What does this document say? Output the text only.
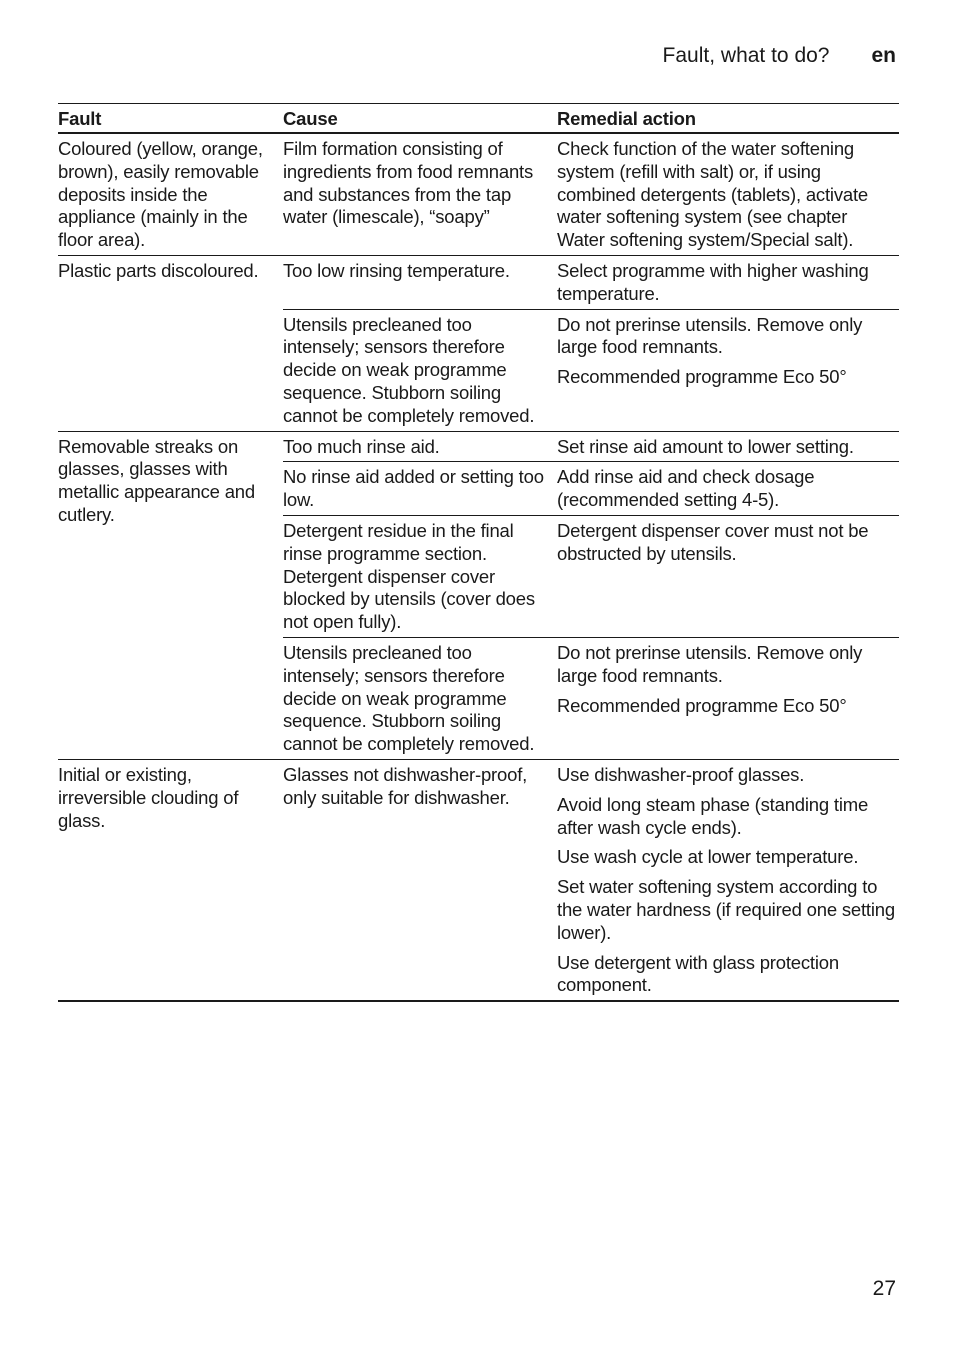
Fault, what to do? en
Fault	Cause	Remedial action
Coloured (yellow, orange, brown), easily removable deposits inside the appliance (mainly in the floor area).	Film formation consisting of ingredients from food remnants and substances from the tap water (limescale), “soapy”	Check function of the water softening system (refill with salt) or, if using combined detergents (tablets), activate water softening system (see chapter Water softening system/Special salt).

Plastic parts discoloured.	Too low rinsing temperature.	Select programme with higher washing temperature.

	Utensils precleaned too intensely; sensors therefore decide on weak programme sequence. Stubborn soiling cannot be completely removed.	Do not prerinse utensils. Remove only large food remnants.
Recommended programme Eco 50°

Removable streaks on glasses, glasses with metallic appearance and cutlery.	Too much rinse aid.	Set rinse aid amount to lower setting.

	No rinse aid added or setting too low.	Add rinse aid and check dosage (recommended setting 4-5).

	Detergent residue in the final rinse programme section. Detergent dispenser cover blocked by utensils (cover does not open fully).	Detergent dispenser cover must not be obstructed by utensils.

	Utensils precleaned too intensely; sensors therefore decide on weak programme sequence. Stubborn soiling cannot be completely removed.	Do not prerinse utensils. Remove only large food remnants.
Recommended programme Eco 50°

Initial or existing, irreversible clouding of glass.	Glasses not dishwasher-proof, only suitable for dishwasher.	Use dishwasher-proof glasses.
Avoid long steam phase (standing time after wash cycle ends).
Use wash cycle at lower temperature.
Set water softening system according to the water hardness (if required one setting lower).
Use detergent with glass protection component.
27
